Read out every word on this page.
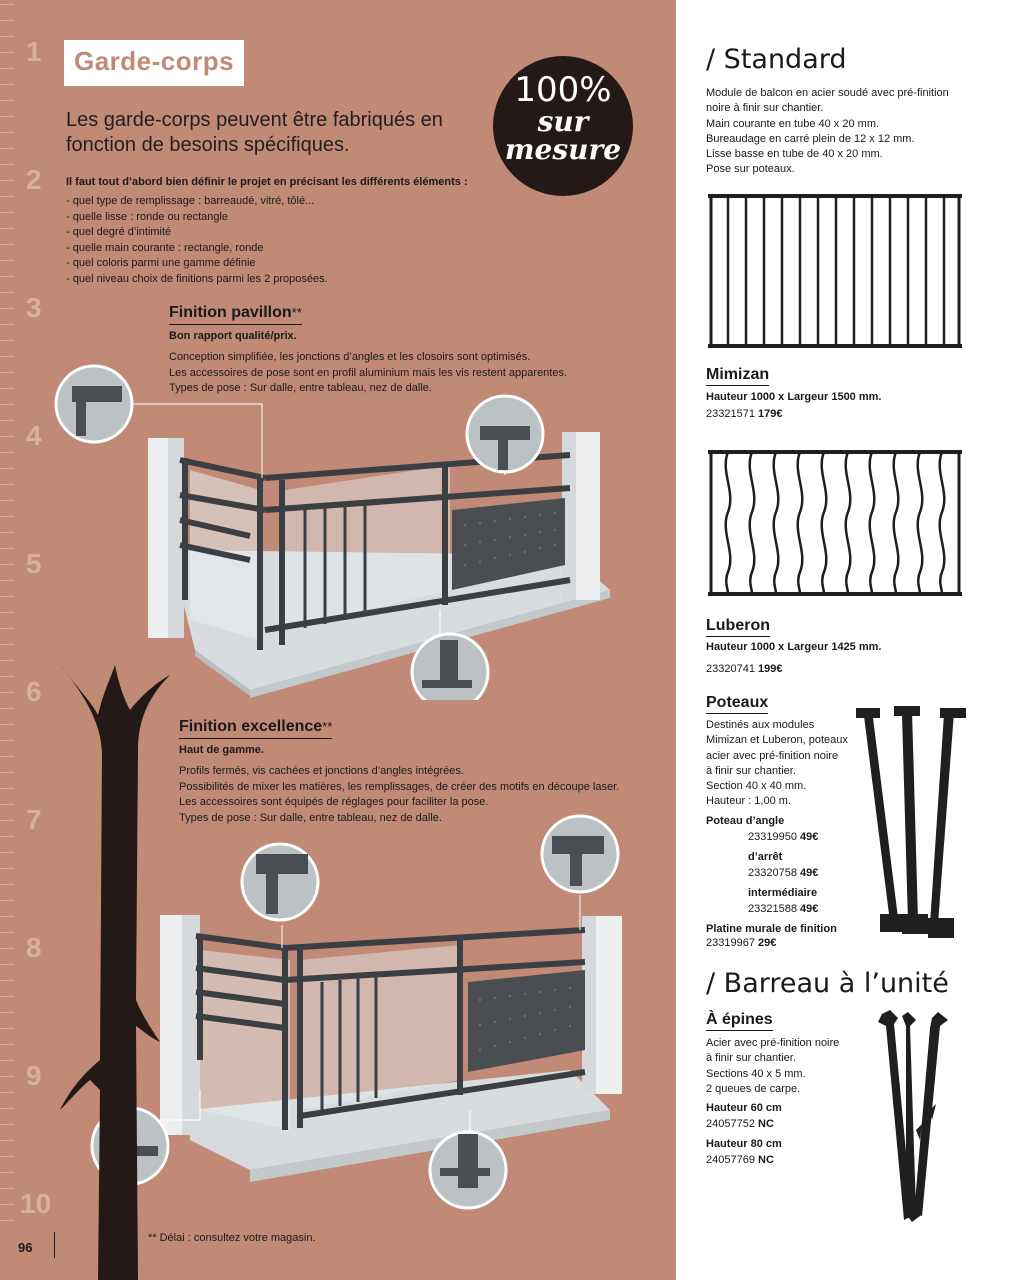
1
2
3
4
5
6
7
8
9
10
Garde-corps
Les garde-corps peuvent être fabriqués en fonction de besoins spécifiques.
Il faut tout d’abord bien définir le projet en précisant les différents éléments :
- quel type de remplissage : barreaudé, vitré, tôlé...
- quelle lisse : ronde ou rectangle
- quel degré d’intimité
- quelle main courante : rectangle, ronde
- quel coloris parmi une gamme définie
- quel niveau choix de finitions parmi les 2 proposées.
100%
sur
mesure
Finition pavillon**
Bon rapport qualité/prix.
Conception simplifiée, les jonctions d’angles et les closoirs sont optimisés.
Les accessoires de pose sont en profil aluminium mais les vis restent apparentes.
Types de pose : Sur dalle, entre tableau, nez de dalle.
Finition excellence**
Haut de gamme.
Profils fermés, vis cachées et jonctions d’angles intégrées.
Possibilités de mixer les matières, les remplissages, de créer des motifs en découpe laser.
Les accessoires sont équipés de réglages pour faciliter la pose.
Types de pose : Sur dalle, entre tableau, nez de dalle.
** Délai : consultez votre magasin.
96
/ Standard
Module de balcon en acier soudé avec pré-finition
noire à finir sur chantier.
Main courante en tube 40 x 20 mm.
Bureaudage en carré plein de 12 x 12 mm.
Lisse basse en tube de 40 x 20 mm.
Pose sur poteaux.
Mimizan
Hauteur 1000 x Largeur 1500 mm.
23321571 179€
Luberon
Hauteur 1000 x Largeur 1425 mm.
23320741 199€
Poteaux
Destinés aux modules
Mimizan et Luberon, poteaux
acier avec pré-finition noire
à finir sur chantier.
Section 40 x 40 mm.
Hauteur : 1,00 m.
Poteau d’angle
23319950 49€
d’arrêt
23320758 49€
intermédiaire
23321588 49€
Platine murale de finition
23319967 29€
/ Barreau à l’unité
À épines
Acier avec pré-finition noire
à finir sur chantier.
Sections 40 x 5 mm.
2 queues de carpe.
Hauteur 60 cm
24057752 NC
Hauteur 80 cm
24057769 NC
